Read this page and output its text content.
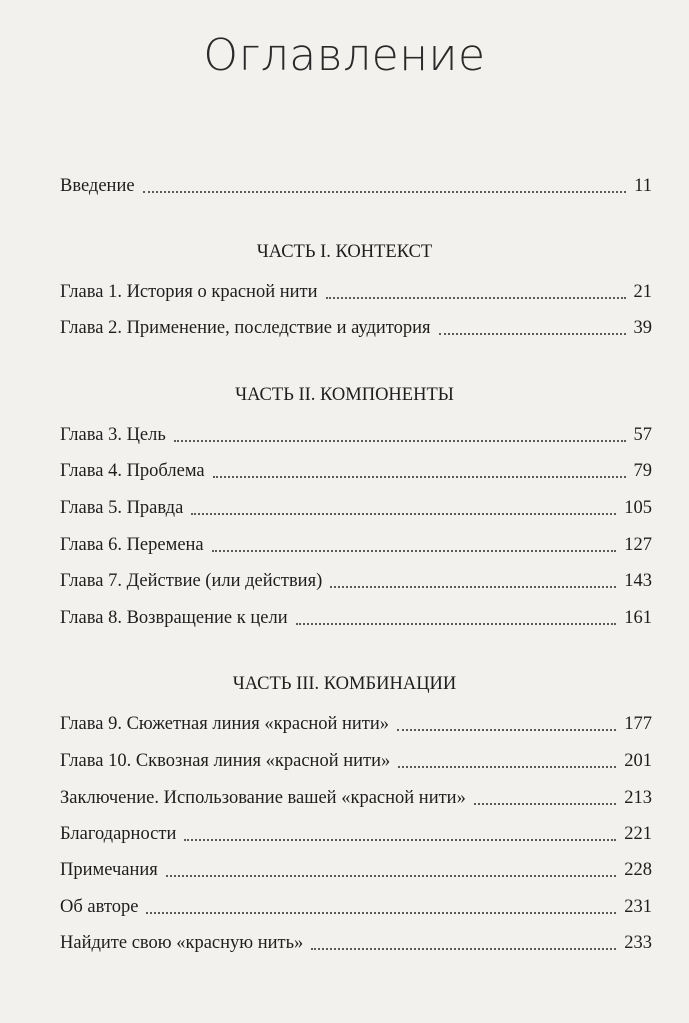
Оглавление
Введение	11
ЧАСТЬ I. КОНТЕКСТ
Глава 1. История о красной нити	21
Глава 2. Применение, последствие и аудитория	39
ЧАСТЬ II. КОМПОНЕНТЫ
Глава 3. Цель	57
Глава 4. Проблема	79
Глава 5. Правда	105
Глава 6. Перемена	127
Глава 7. Действие (или действия)	143
Глава 8. Возвращение к цели	161
ЧАСТЬ III. КОМБИНАЦИИ
Глава 9. Сюжетная линия «красной нити»	177
Глава 10. Сквозная линия «красной нити»	201
Заключение. Использование вашей «красной нити»	213
Благодарности	221
Примечания	228
Об авторе	231
Найдите свою «красную нить»	233
